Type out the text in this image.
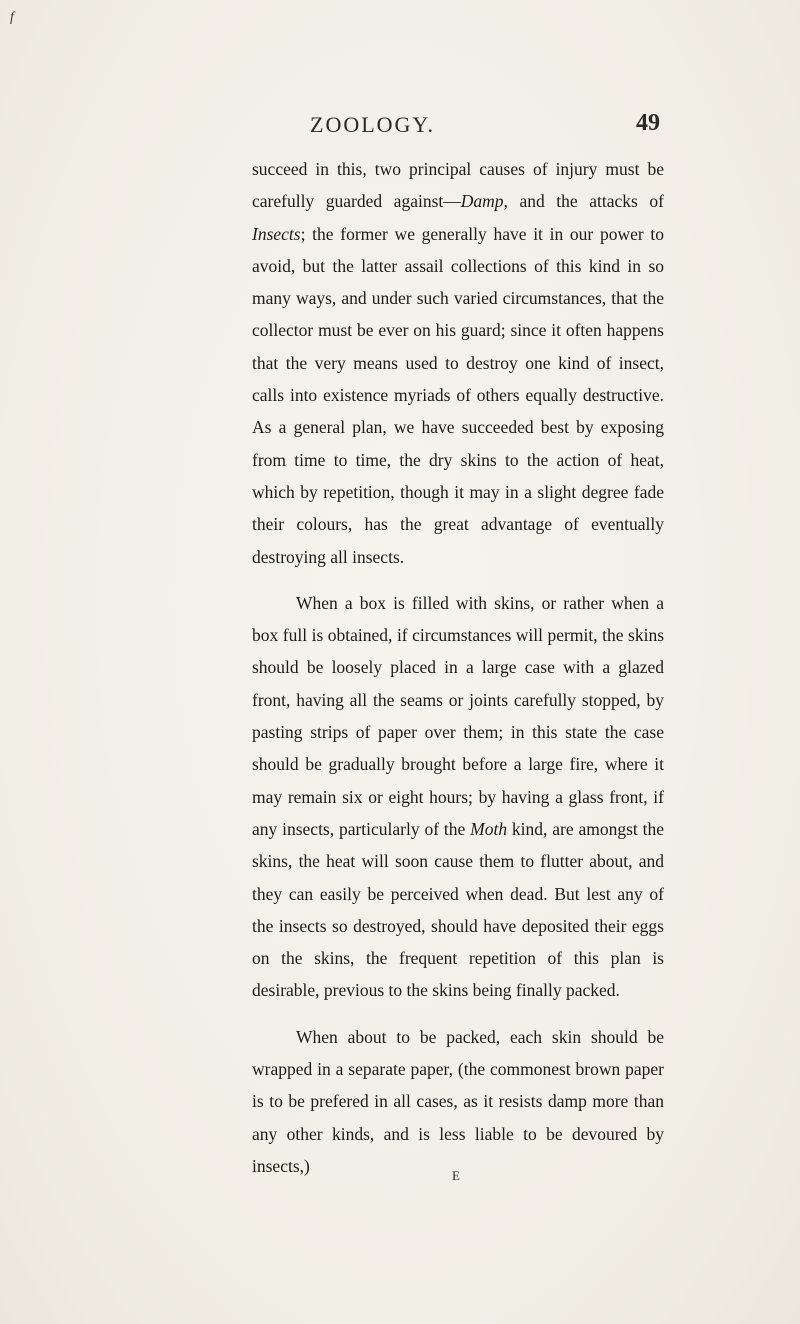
f
ZOOLOGY.	49

succeed in this, two principal causes of injury must be carefully guarded against—Damp, and the attacks of Insects; the former we generally have it in our power to avoid, but the latter assail collections of this kind in so many ways, and under such varied circumstances, that the collector must be ever on his guard; since it often happens that the very means used to destroy one kind of insect, calls into existence myriads of others equally destructive. As a general plan, we have succeeded best by exposing from time to time, the dry skins to the action of heat, which by repetition, though it may in a slight degree fade their colours, has the great advantage of eventually destroying all insects.

When a box is filled with skins, or rather when a box full is obtained, if circumstances will permit, the skins should be loosely placed in a large case with a glazed front, having all the seams or joints carefully stopped, by pasting strips of paper over them; in this state the case should be gradually brought before a large fire, where it may remain six or eight hours; by having a glass front, if any insects, particularly of the Moth kind, are amongst the skins, the heat will soon cause them to flutter about, and they can easily be perceived when dead. But lest any of the insects so destroyed, should have deposited their eggs on the skins, the frequent repetition of this plan is desirable, previous to the skins being finally packed.

When about to be packed, each skin should be wrapped in a separate paper, (the commonest brown paper is to be prefered in all cases, as it resists damp more than any other kinds, and is less liable to be devoured by insects,)	E
